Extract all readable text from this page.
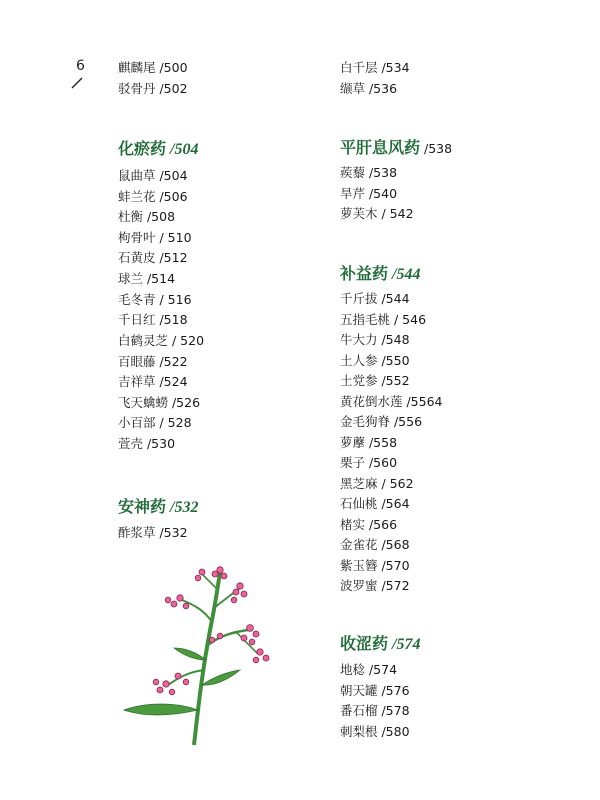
6	麒麟尾 /500
驳骨丹 /502
化瘀药 /504
鼠曲草 /504
蚌兰花 /506
杜衡 /508
枸骨叶 / 510
石黄皮 /512
球兰 /514
毛冬青 / 516
千日红 /518
白鹤灵芝 / 520
百眼藤 /522
吉祥草 /524
飞天蠄蟧 /526
小百部 / 528
萱壳 /530
安神药 /532
酢浆草 /532
白千层 /534
缬草 /536
平肝息风药 /538
蒺藜 /538
旱芹 /540
萝芙木 / 542
补益药 /544
千斤拔 /544
五指毛桃 / 546
牛大力 /548
土人参 /550
土党参 /552
黄花倒水莲 /5564
金毛狗脊 /556
萝藦 /558
栗子 /560
黑芝麻 / 562
石仙桃 /564
楮实 /566
金雀花 /568
紫玉簪 /570
波罗蜜 /572
收涩药 /574
地稔 /574
朝天罐 /576
番石榴 /578
刺梨根 /580
